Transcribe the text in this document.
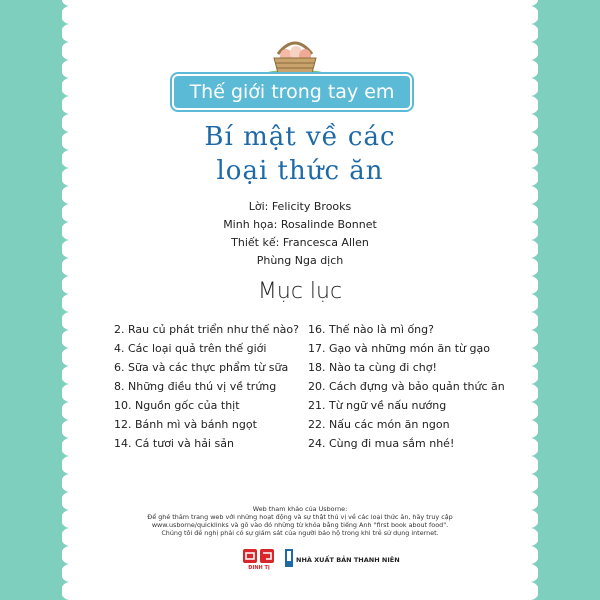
Thế giới trong tay em
Bí mật về các
loại thức ăn
Lời: Felicity Brooks
Minh họa: Rosalinde Bonnet
Thiết kế: Francesca Allen
Phùng Nga dịch
Mục lục
2. Rau củ phát triển như thế nào?
4. Các loại quả trên thế giới
6. Sữa và các thực phẩm từ sữa
8. Những điều thú vị về trứng
10. Nguồn gốc của thịt
12. Bánh mì và bánh ngọt
14. Cá tươi và hải sản
16. Thế nào là mì ống?
17. Gạo và những món ăn từ gạo
18. Nào ta cùng đi chợ!
20. Cách đựng và bảo quản thức ăn
21. Từ ngữ về nấu nướng
22. Nấu các món ăn ngon
24. Cùng đi mua sắm nhé!
Web tham khảo của Usborne:
Để ghé thăm trang web với những hoạt động và sự thật thú vị về các loại thức ăn, hãy truy cập
www.usborne/quicklinks và gõ vào đó những từ khóa bằng tiếng Anh "first book about food".
Chúng tôi đề nghị phải có sự giám sát của người bảo hộ trong khi trẻ sử dụng internet.
ĐINH TỊ
NHÀ XUẤT BẢN THANH NIÊN
